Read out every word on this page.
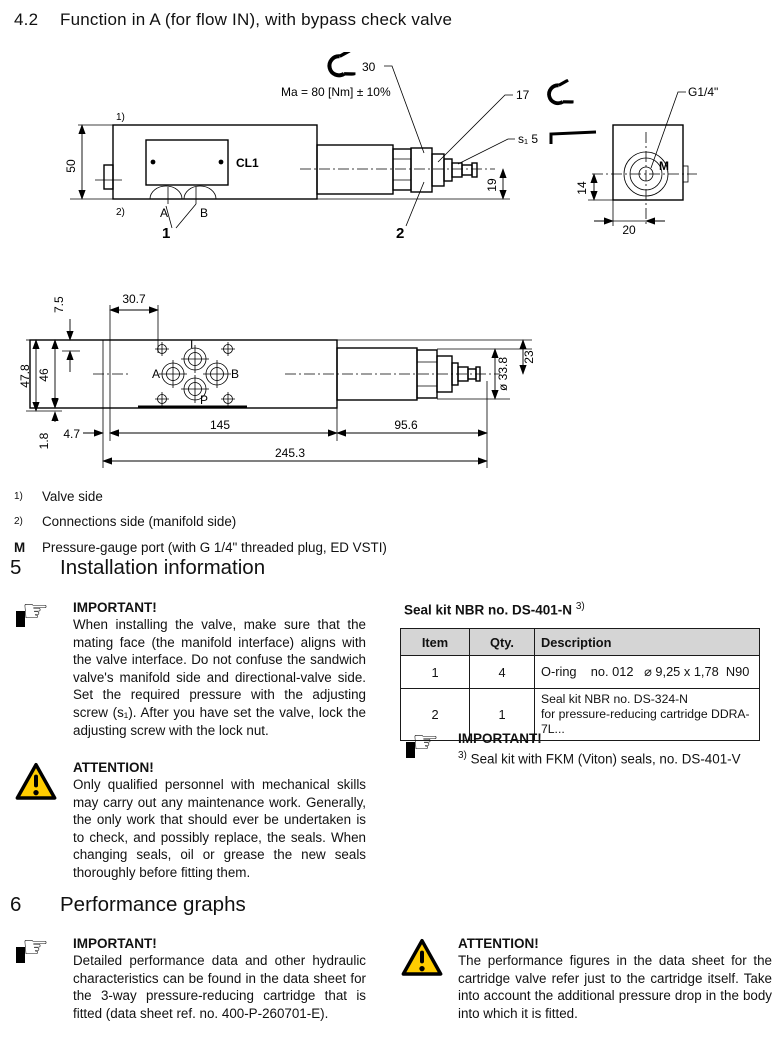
4.2 Function in A (for flow IN), with bypass check valve
30
Ma = 80 [Nm] ± 10%	17
s₁ 5
G1/4"
1)
2)
CL1
A	B
1	2
50
19
M
14
20
T
A	B
P
30.7
7.5
47.8 46
1.8 4.7
145	95.6
245.3
ø 33.8 23
$^{1)}$	Valve side
$^{2)}$	Connections side (manifold side)
M	Pressure-gauge port (with G 1/4" threaded plug, ED VSTI)
5 Installation information
☞ IMPORTANT!

When installing the valve, make sure that the mating face (the manifold interface) aligns with the valve interface. Do not confuse the sandwich valve's manifold side and directional-valve side. Set the required pressure with the adjusting screw (s₁). After you have set the valve, lock the adjusting screw with the lock nut.

ATTENTION!

Only qualified personnel with mechanical skills may carry out any maintenance work. Generally, the only work that should ever be undertaken is to check, and possibly replace, the seals. When changing seals, oil or grease the new seals thoroughly before fitting them.

Seal kit NBR no. DS-401-N $^{3)}$
Item	Qty.	Description
1	4	O-ring    no. 012   ⌀ 9,25 x 1,78  N90
2	1	Seal kit NBR no. DS-324-N
for pressure-reducing cartridge DDRA-7L...
☞ IMPORTANT!

$^{3)}$ Seal kit with FKM (Viton) seals, no. DS-401-V

6 Performance graphs
☞ IMPORTANT!

Detailed performance data and other hydraulic characteristics can be found in the data sheet for the 3-way pressure-reducing cartridge that is fitted (data sheet ref. no. 400-P-260701-E).

ATTENTION!

The performance figures in the data sheet for the cartridge valve refer just to the cartridge itself. Take into account the additional pressure drop in the body into which it is fitted.
